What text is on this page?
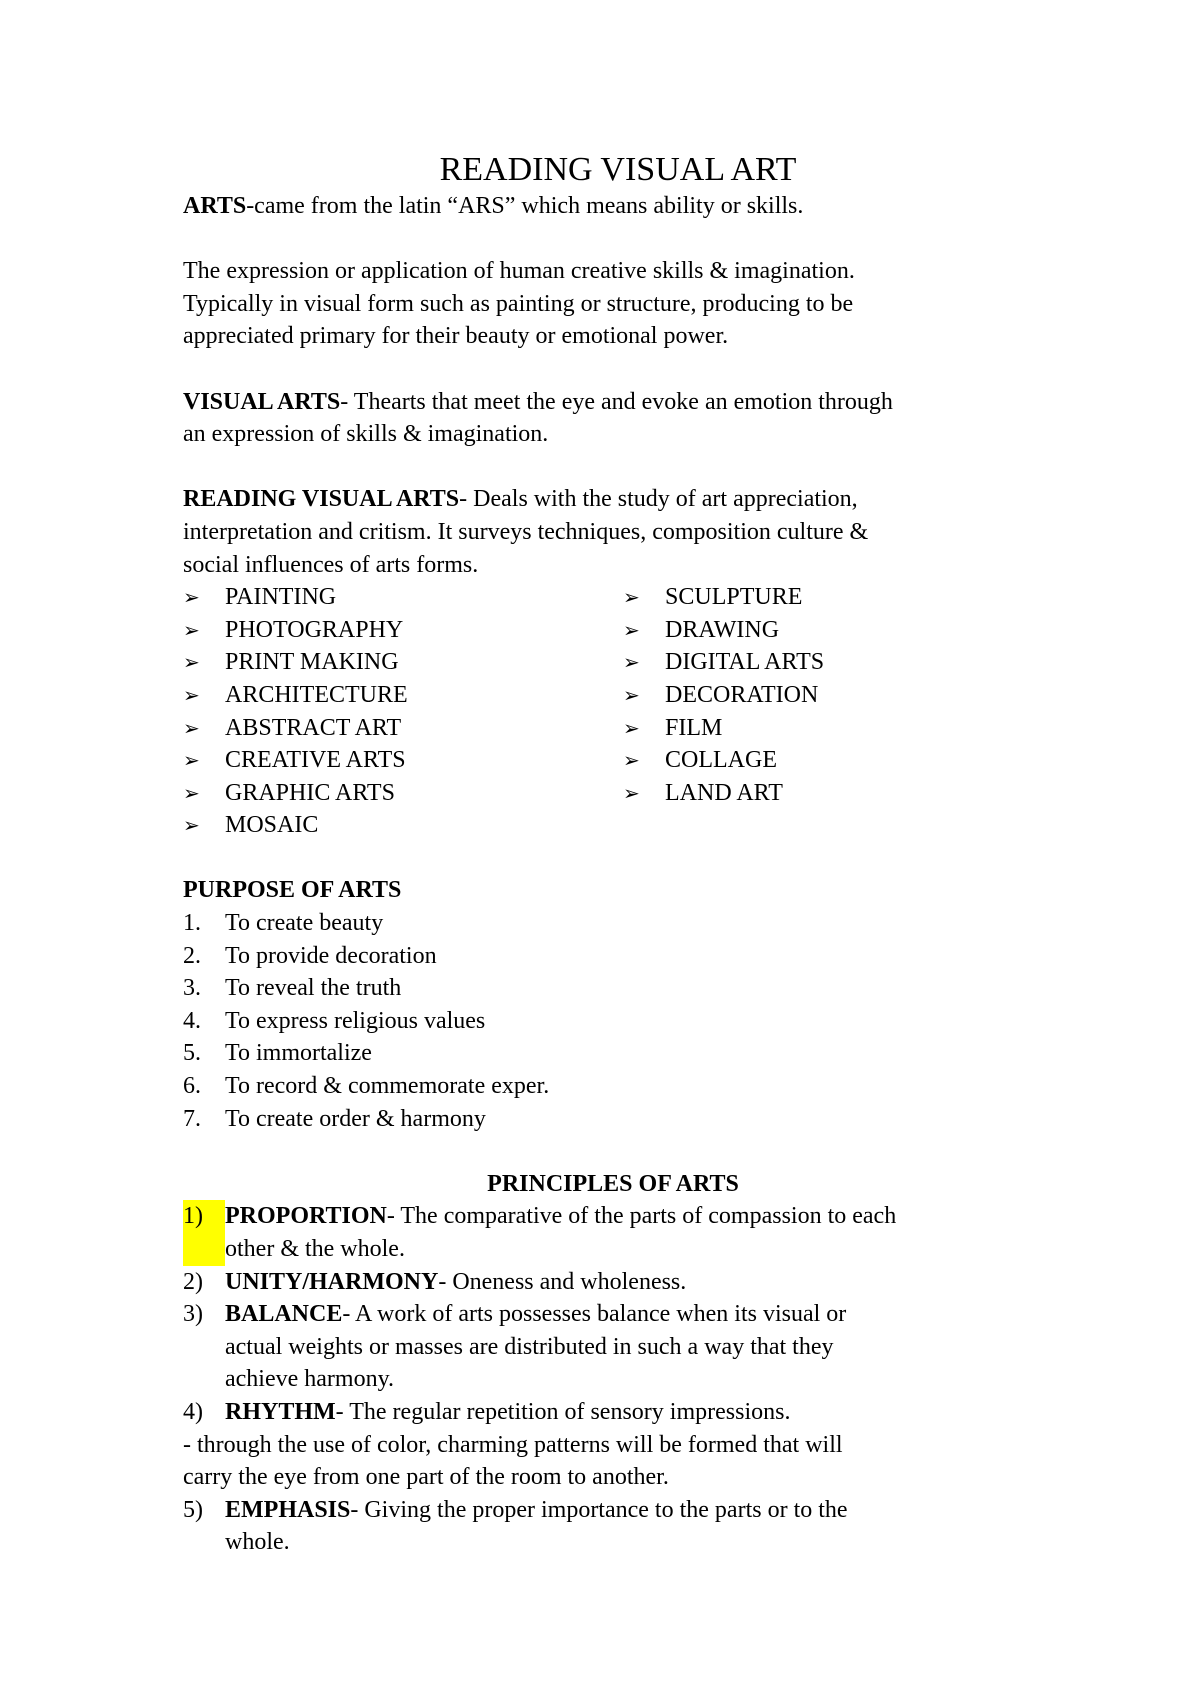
READING VISUAL ART

ARTS-came from the latin “ARS” which means ability or skills.

The expression or application of human creative skills & imagination.

Typically in visual form such as painting or structure, producing to be

appreciated primary for their beauty or emotional power.

VISUAL ARTS- Thearts that meet the eye and evoke an emotion through

an expression of skills & imagination.

READING VISUAL ARTS- Deals with the study of art appreciation,

interpretation and critism. It surveys techniques, composition culture &

social influences of arts forms.

➢	PAINTING	➢	SCULPTURE
➢	PHOTOGRAPHY	➢	DRAWING
➢	PRINT MAKING	➢	DIGITAL ARTS
➢	ARCHITECTURE	➢	DECORATION
➢	ABSTRACT ART	➢	FILM
➢	CREATIVE ARTS	➢	COLLAGE
➢	GRAPHIC ARTS	➢	LAND ART
➢	MOSAIC

PURPOSE OF ARTS

1.	To create beauty
2.	To provide decoration
3.	To reveal the truth
4.	To express religious values
5.	To immortalize
6.	To record & commemorate exper.
7.	To create order & harmony
PRINCIPLES OF ARTS
1) PROPORTION- The comparative of the parts of compassion to each

other & the whole.

2) UNITY/HARMONY- Oneness and wholeness.

3) BALANCE- A work of arts possesses balance when its visual or

actual weights or masses are distributed in such a way that they

achieve harmony.

4) RHYTHM- The regular repetition of sensory impressions.

- through the use of color, charming patterns will be formed that will

carry the eye from one part of the room to another.

5) EMPHASIS- Giving the proper importance to the parts or to the

whole.
